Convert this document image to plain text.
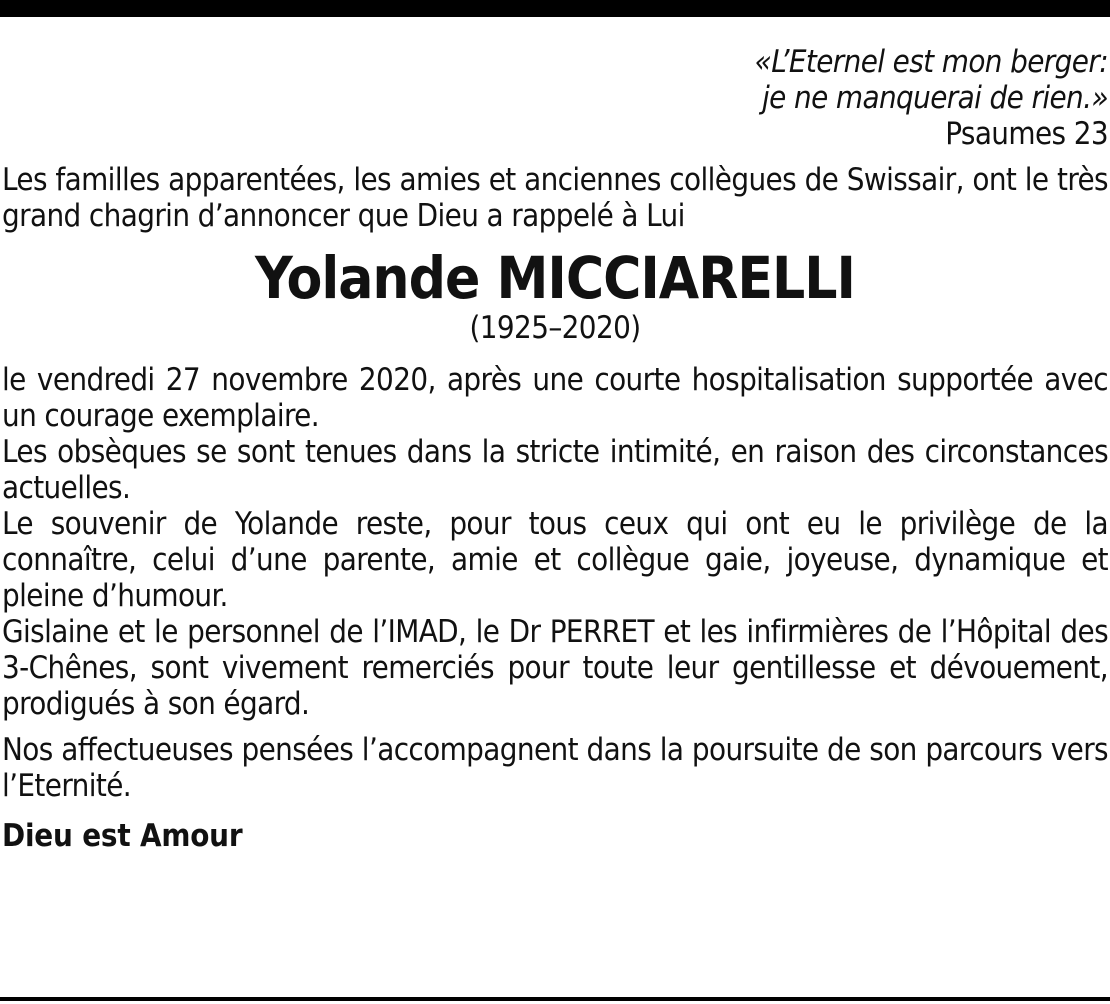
«L’Eternel est mon berger:
je ne manquerai de rien.»
Psaumes 23

Les familles apparentées, les amies et anciennes collègues de Swissair, ont le très grand chagrin d’annoncer que Dieu a rappelé à Lui

Yolande MICCIARELLI

(1925–2020)

le vendredi 27 novembre 2020, après une courte hospitalisation supportée avec un courage exemplaire.

Les obsèques se sont tenues dans la stricte intimité, en raison des circonstances actuelles.

Le souvenir de Yolande reste, pour tous ceux qui ont eu le privilège de la connaître, celui d’une parente, amie et collègue gaie, joyeuse, dynamique et pleine d’humour.

Gislaine et le personnel de l’IMAD, le Dr PERRET et les infirmières de l’Hôpital des 3-Chênes, sont vivement remerciés pour toute leur gentillesse et dévouement, prodigués à son égard.

Nos affectueuses pensées l’accompagnent dans la poursuite de son parcours vers l’Eternité.

Dieu est Amour
